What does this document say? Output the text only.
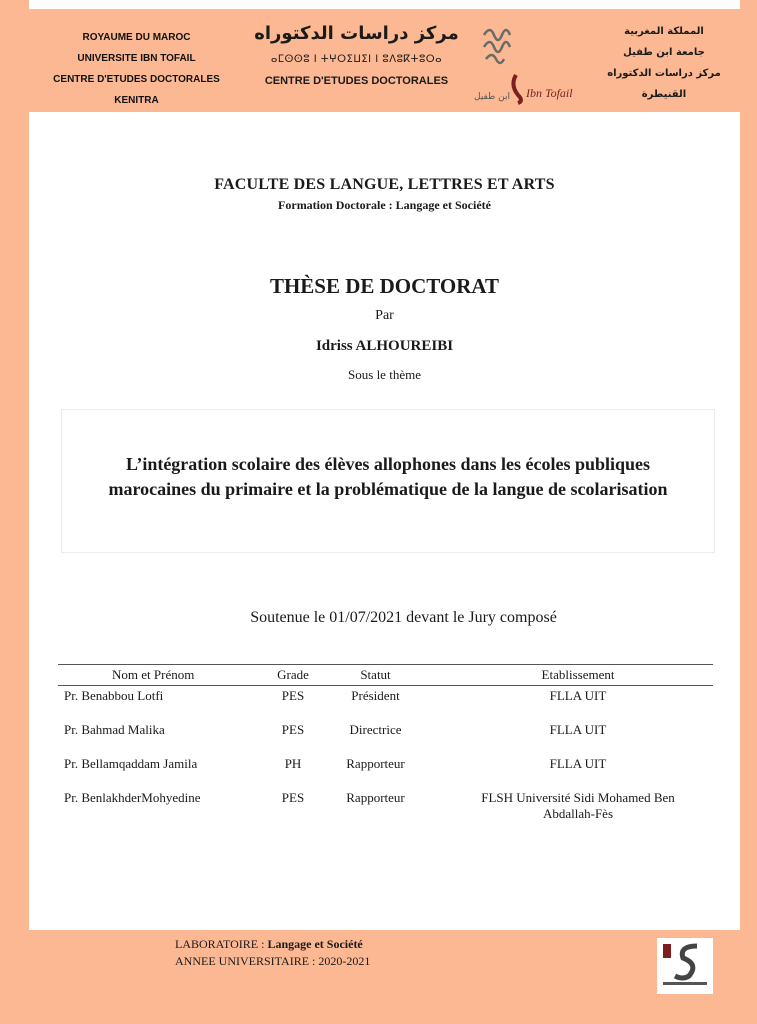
ROYAUME DU MAROC
UNIVERSITE IBN TOFAIL
CENTRE D'ETUDES DOCTORALES
KENITRA
مركز دراسات الدكتوراه
ⴰⵎⵙⵙⵓ ⵏ ⵜⵖⵔⵉⵡⵉⵏ ⵏ ⵓⴷⵓⴽⵜⵓⵔⴰ
CENTRE D'ETUDES DOCTORALES
ابن طفيل Ibn Tofail
المملكة المغربية
جامعة ابن طفيل
مركز دراسات الدكتوراه
القنيطرة
FACULTE DES LANGUE, LETTRES ET ARTS
Formation Doctorale : Langage et Société
THÈSE DE DOCTORAT
Par
Idriss ALHOUREIBI
Sous le thème
L’intégration scolaire des élèves allophones dans les écoles publiques
marocaines du primaire et la problématique de la langue de scolarisation
Soutenue le 01/07/2021 devant le Jury composé
Nom et Prénom	Grade	Statut	Etablissement
Pr. Benabbou Lotfi	PES	Président	FLLA UIT
Pr. Bahmad Malika	PES	Directrice	FLLA UIT
Pr. Bellamqaddam Jamila	PH	Rapporteur	FLLA UIT
Pr. BenlakhderMohyedine	PES	Rapporteur	FLSH Université Sidi Mohamed Ben
Abdallah-Fès
LABORATOIRE : Langage et Société
ANNEE UNIVERSITAIRE : 2020-2021
